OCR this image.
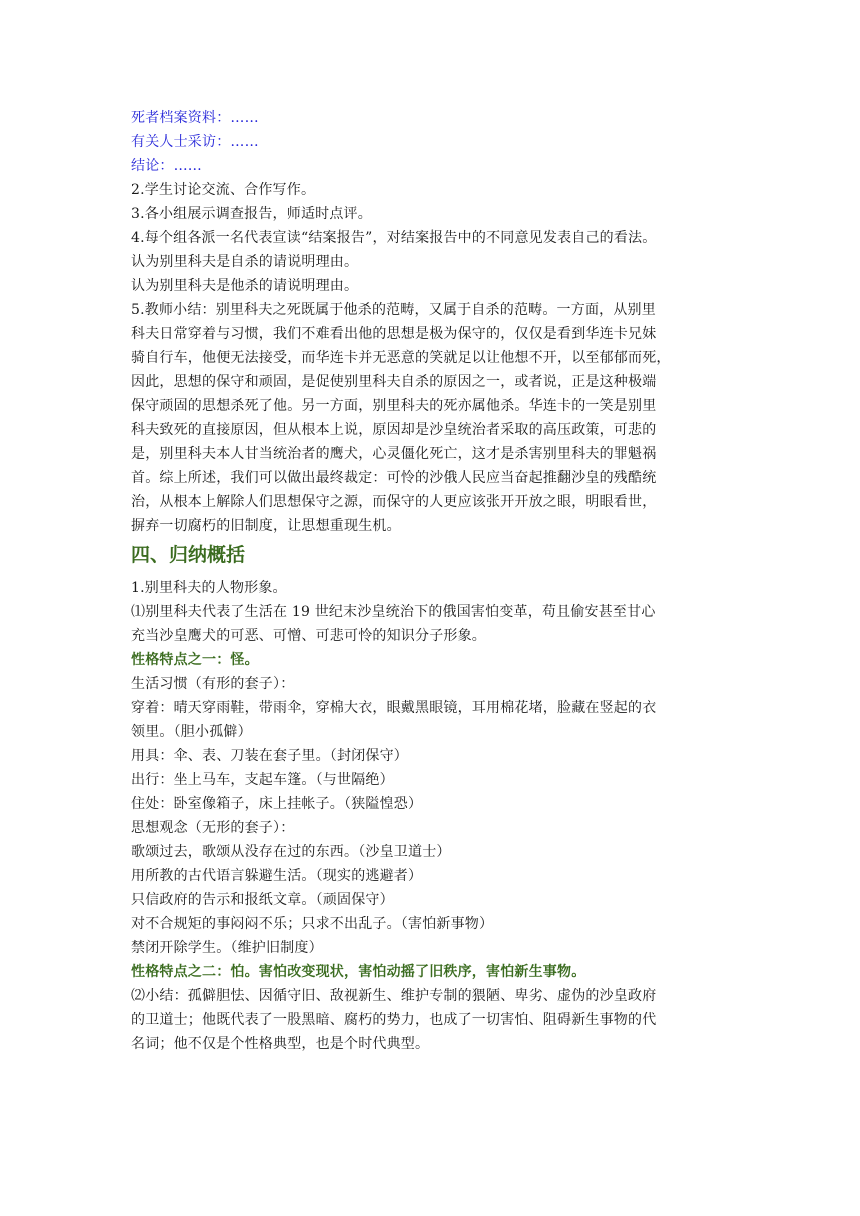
死者档案资料：……
有关人士采访：……
结论：……
2.学生讨论交流、合作写作。
3.各小组展示调查报告，师适时点评。
4.每个组各派一名代表宣读“结案报告”，对结案报告中的不同意见发表自己的看法。
认为别里科夫是自杀的请说明理由。
认为别里科夫是他杀的请说明理由。
5.教师小结：别里科夫之死既属于他杀的范畴，又属于自杀的范畴。一方面，从别里
科夫日常穿着与习惯，我们不难看出他的思想是极为保守的，仅仅是看到华连卡兄妹
骑自行车，他便无法接受，而华连卡并无恶意的笑就足以让他想不开，以至郁郁而死，
因此，思想的保守和顽固，是促使别里科夫自杀的原因之一，或者说，正是这种极端
保守顽固的思想杀死了他。另一方面，别里科夫的死亦属他杀。华连卡的一笑是别里
科夫致死的直接原因，但从根本上说，原因却是沙皇统治者采取的高压政策，可悲的
是，别里科夫本人甘当统治者的鹰犬，心灵僵化死亡，这才是杀害别里科夫的罪魁祸
首。综上所述，我们可以做出最终裁定：可怜的沙俄人民应当奋起推翻沙皇的残酷统
治，从根本上解除人们思想保守之源，而保守的人更应该张开开放之眼，明眼看世，
摒弃一切腐朽的旧制度，让思想重现生机。
四、归纳概括
1.别里科夫的人物形象。
⑴别里科夫代表了生活在 19 世纪末沙皇统治下的俄国害怕变革，苟且偷安甚至甘心
充当沙皇鹰犬的可恶、可憎、可悲可怜的知识分子形象。
性格特点之一：怪。
生活习惯（有形的套子）：
穿着：晴天穿雨鞋，带雨伞，穿棉大衣，眼戴黑眼镜，耳用棉花堵，脸藏在竖起的衣
领里。（胆小孤僻）
用具：伞、表、刀装在套子里。（封闭保守）
出行：坐上马车，支起车篷。（与世隔绝）
住处：卧室像箱子，床上挂帐子。（狭隘惶恐）
思想观念（无形的套子）：
歌颂过去，歌颂从没存在过的东西。（沙皇卫道士）
用所教的古代语言躲避生活。（现实的逃避者）
只信政府的告示和报纸文章。（顽固保守）
对不合规矩的事闷闷不乐；只求不出乱子。（害怕新事物）
禁闭开除学生。（维护旧制度）
性格特点之二：怕。害怕改变现状，害怕动摇了旧秩序，害怕新生事物。
⑵小结：孤僻胆怯、因循守旧、敌视新生、维护专制的猥陋、卑劣、虚伪的沙皇政府
的卫道士；他既代表了一股黑暗、腐朽的势力，也成了一切害怕、阻碍新生事物的代
名词；他不仅是个性格典型，也是个时代典型。
